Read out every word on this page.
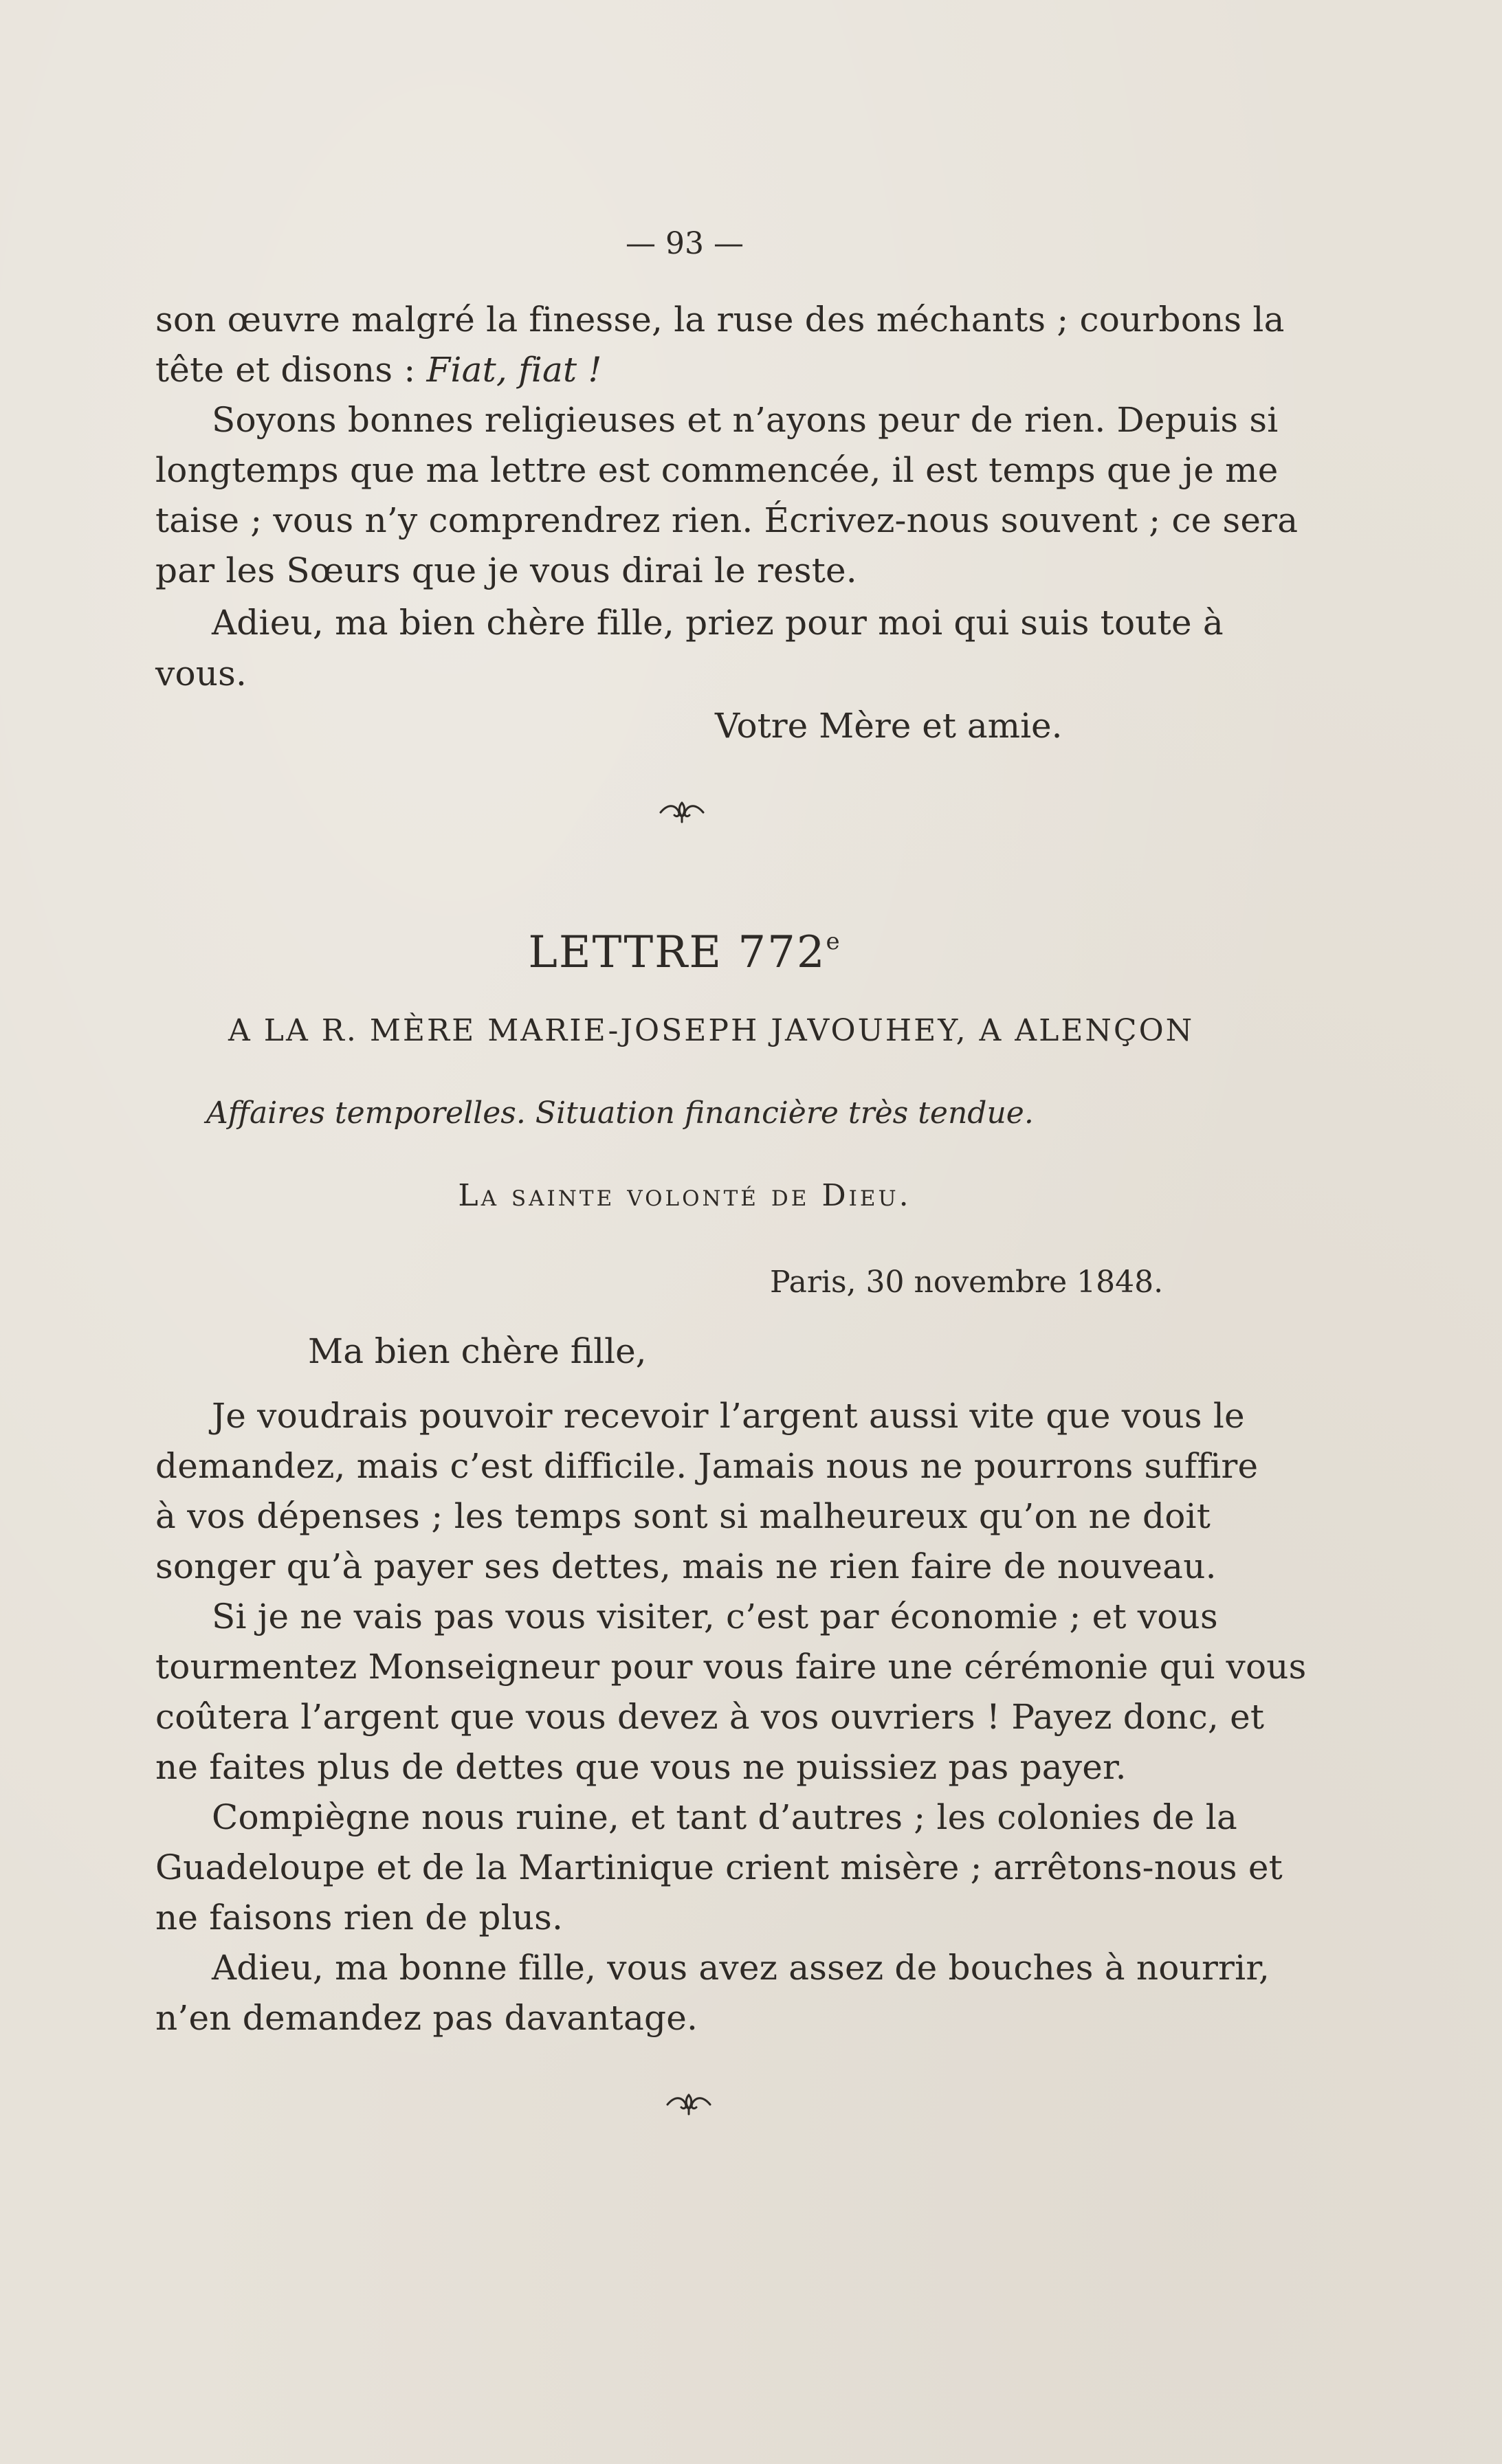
— 93 —
son œuvre malgré la finesse, la ruse des méchants ; courbons la
tête et disons : Fiat, fiat !
Soyons bonnes religieuses et n’ayons peur de rien. Depuis si
longtemps que ma lettre est commencée, il est temps que je me
taise ; vous n’y comprendrez rien. Écrivez-nous souvent ; ce sera
par les Sœurs que je vous dirai le reste.
Adieu, ma bien chère fille, priez pour moi qui suis toute à
vous.
Votre Mère et amie.
LETTRE 772e
A LA R. MÈRE MARIE-JOSEPH JAVOUHEY, A ALENÇON
Affaires temporelles. Situation financière très tendue.
La sainte volonté de Dieu.
Paris, 30 novembre 1848.
Ma bien chère fille,
Je voudrais pouvoir recevoir l’argent aussi vite que vous le
demandez, mais c’est difficile. Jamais nous ne pourrons suffire
à vos dépenses ; les temps sont si malheureux qu’on ne doit
songer qu’à payer ses dettes, mais ne rien faire de nouveau.
Si je ne vais pas vous visiter, c’est par économie ; et vous
tourmentez Monseigneur pour vous faire une cérémonie qui vous
coûtera l’argent que vous devez à vos ouvriers ! Payez donc, et
ne faites plus de dettes que vous ne puissiez pas payer.
Compiègne nous ruine, et tant d’autres ; les colonies de la
Guadeloupe et de la Martinique crient misère ; arrêtons-nous et
ne faisons rien de plus.
Adieu, ma bonne fille, vous avez assez de bouches à nourrir,
n’en demandez pas davantage.
